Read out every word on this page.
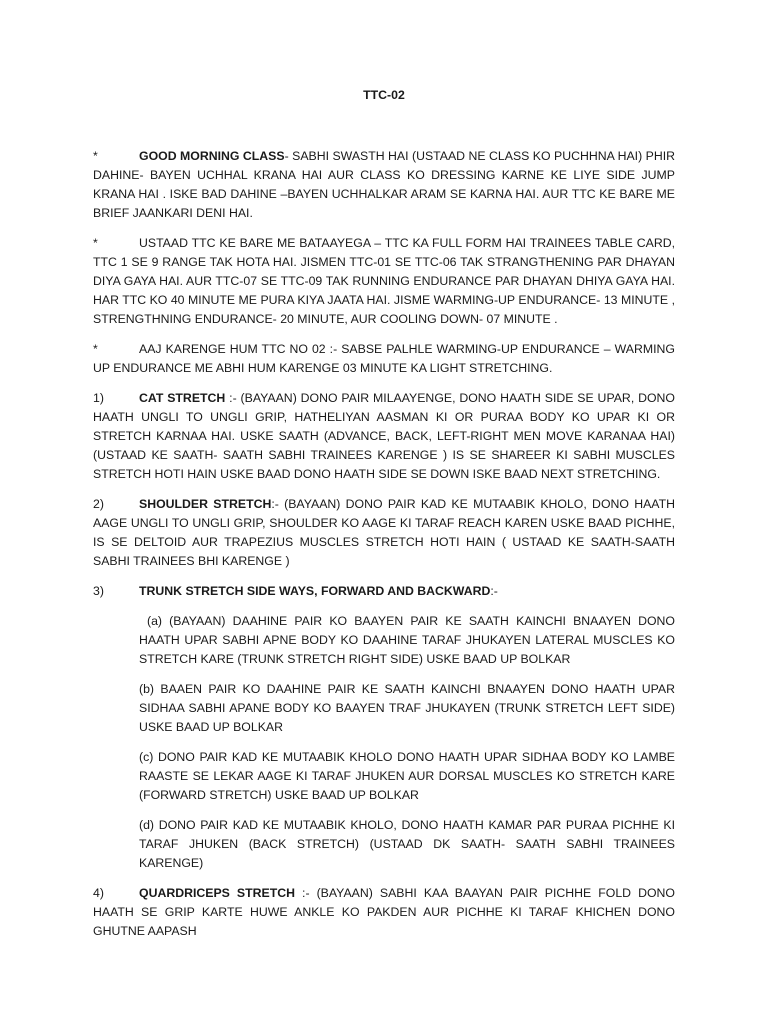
TTC-02

*	GOOD MORNING CLASS- SABHI SWASTH HAI (USTAAD NE CLASS KO PUCHHNA HAI) PHIR DAHINE- BAYEN UCHHAL KRANA HAI AUR CLASS KO DRESSING KARNE KE LIYE SIDE JUMP KRANA HAI . ISKE BAD DAHINE –BAYEN UCHHALKAR ARAM SE KARNA HAI. AUR TTC KE BARE ME BRIEF JAANKARI DENI HAI.

*	USTAAD TTC KE BARE ME BATAAYEGA – TTC KA FULL FORM HAI TRAINEES TABLE CARD, TTC 1 SE 9 RANGE TAK HOTA HAI. JISMEN TTC-01 SE TTC-06 TAK STRANGTHENING PAR DHAYAN DIYA GAYA HAI. AUR TTC-07 SE TTC-09 TAK RUNNING ENDURANCE PAR DHAYAN DHIYA GAYA HAI. HAR TTC KO 40 MINUTE ME PURA KIYA JAATA HAI. JISME WARMING-UP ENDURANCE- 13 MINUTE , STRENGTHNING ENDURANCE- 20 MINUTE, AUR COOLING DOWN- 07 MINUTE .

*	AAJ KARENGE HUM TTC NO 02 :- SABSE PALHLE WARMING-UP ENDURANCE – WARMING UP ENDURANCE ME ABHI HUM KARENGE 03 MINUTE KA LIGHT STRETCHING.

1)	CAT STRETCH :- (BAYAAN) DONO PAIR MILAAYENGE, DONO HAATH SIDE SE UPAR, DONO HAATH UNGLI TO UNGLI GRIP, HATHELIYAN AASMAN KI OR PURAA BODY KO UPAR KI OR STRETCH KARNAA HAI. USKE SAATH (ADVANCE, BACK, LEFT-RIGHT MEN MOVE KARANAA HAI) (USTAAD KE SAATH- SAATH SABHI TRAINEES KARENGE ) IS SE SHAREER KI SABHI MUSCLES STRETCH HOTI HAIN USKE BAAD DONO HAATH SIDE SE DOWN ISKE BAAD NEXT STRETCHING.

2)	SHOULDER STRETCH:- (BAYAAN) DONO PAIR KAD KE MUTAABIK KHOLO, DONO HAATH AAGE UNGLI TO UNGLI GRIP, SHOULDER KO AAGE KI TARAF REACH KAREN USKE BAAD PICHHE, IS SE DELTOID AUR TRAPEZIUS MUSCLES STRETCH HOTI HAIN ( USTAAD KE SAATH-SAATH SABHI TRAINEES BHI KARENGE )

3)	TRUNK STRETCH SIDE WAYS, FORWARD AND BACKWARD:-

(a) (BAYAAN) DAAHINE PAIR KO BAAYEN PAIR KE SAATH KAINCHI BNAAYEN DONO HAATH UPAR SABHI APNE BODY KO DAAHINE TARAF JHUKAYEN LATERAL MUSCLES KO STRETCH KARE (TRUNK STRETCH RIGHT SIDE) USKE BAAD UP BOLKAR

(b) BAAEN PAIR KO DAAHINE PAIR KE SAATH KAINCHI BNAAYEN DONO HAATH UPAR SIDHAA SABHI APANE BODY KO BAAYEN TRAF JHUKAYEN (TRUNK STRETCH LEFT SIDE) USKE BAAD UP BOLKAR

(c) DONO PAIR KAD KE MUTAABIK KHOLO DONO HAATH UPAR SIDHAA BODY KO LAMBE RAASTE SE LEKAR AAGE KI TARAF JHUKEN AUR DORSAL MUSCLES KO STRETCH KARE (FORWARD STRETCH) USKE BAAD UP BOLKAR

(d) DONO PAIR KAD KE MUTAABIK KHOLO, DONO HAATH KAMAR PAR PURAA PICHHE KI TARAF JHUKEN (BACK STRETCH) (USTAAD DK SAATH- SAATH SABHI TRAINEES KARENGE)

4)	QUARDRICEPS STRETCH :- (BAYAAN) SABHI KAA BAAYAN PAIR PICHHE FOLD DONO HAATH SE GRIP KARTE HUWE ANKLE KO PAKDEN AUR PICHHE KI TARAF KHICHEN DONO GHUTNE AAPASH
